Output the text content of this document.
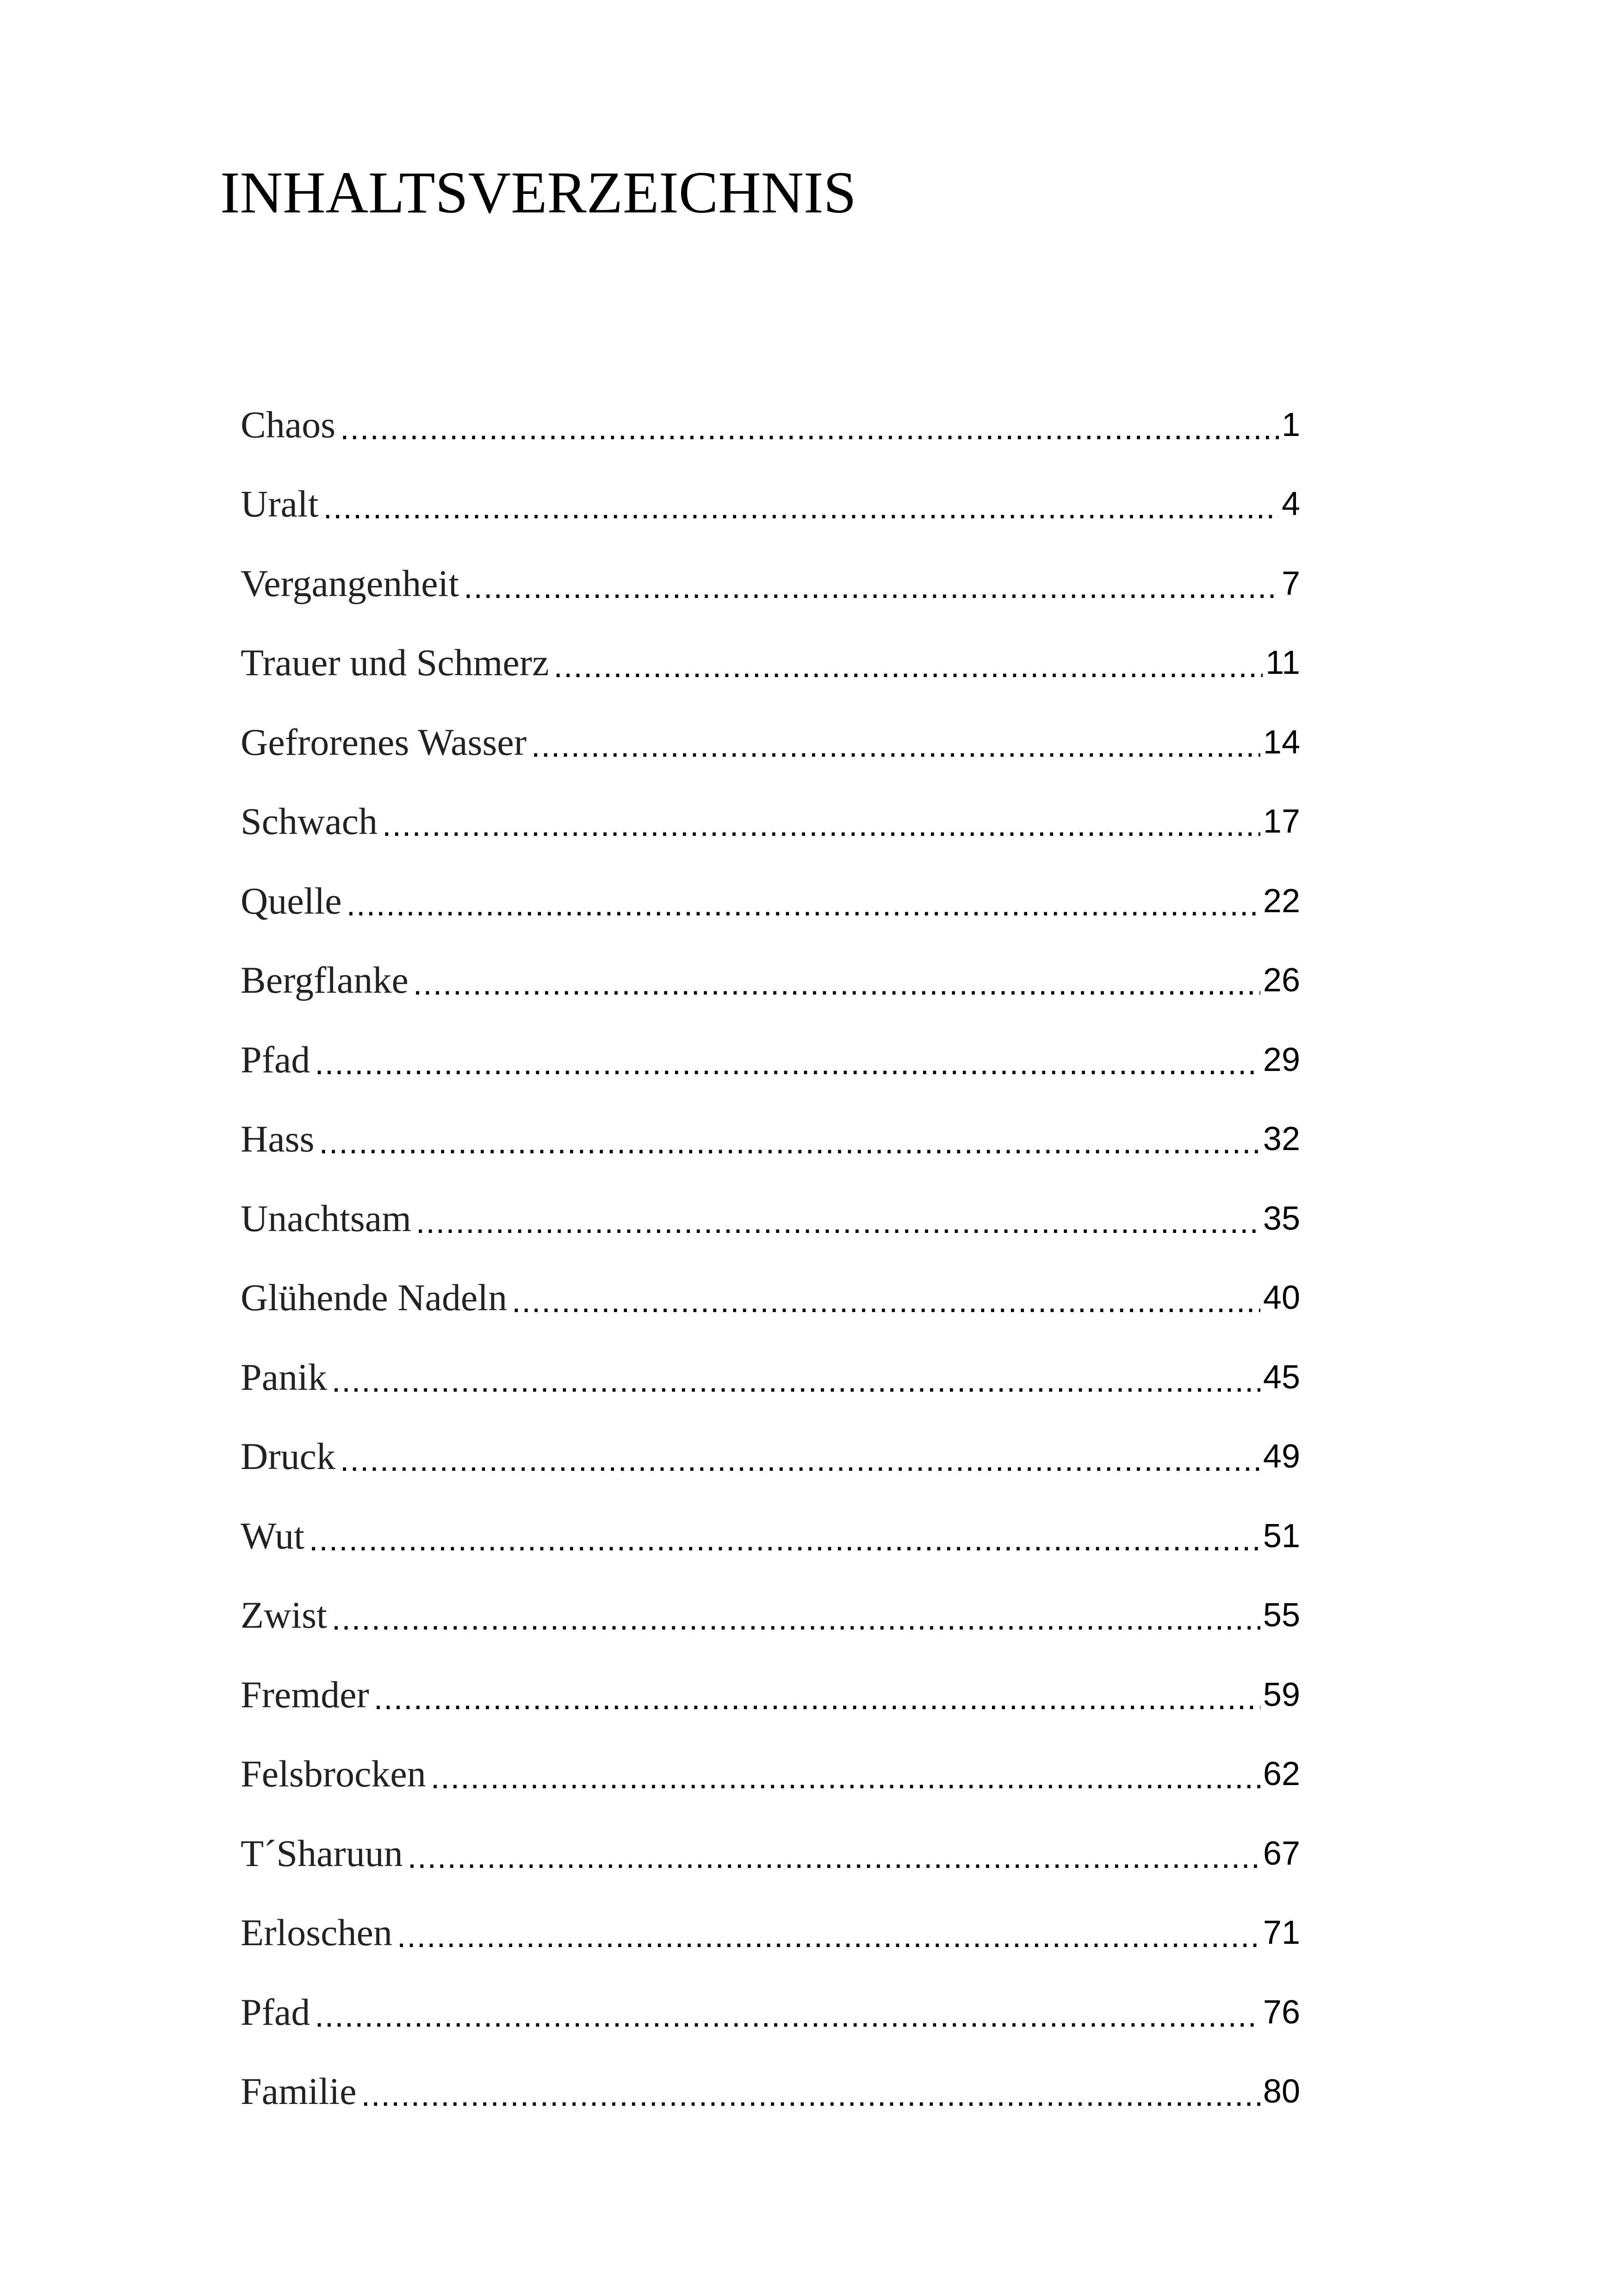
INHALTSVERZEICHNIS
Chaos .....	1
Uralt .....	4
Vergangenheit .....	7
Trauer und Schmerz .....	11
Gefrorenes Wasser .....	14
Schwach .....	17
Quelle .....	22
Bergflanke .....	26
Pfad .....	29
Hass .....	32
Unachtsam .....	35
Glühende Nadeln .....	40
Panik .....	45
Druck .....	49
Wut .....	51
Zwist .....	55
Fremder .....	59
Felsbrocken .....	62
T´Sharuun .....	67
Erloschen .....	71
Pfad .....	76
Familie .....	80
